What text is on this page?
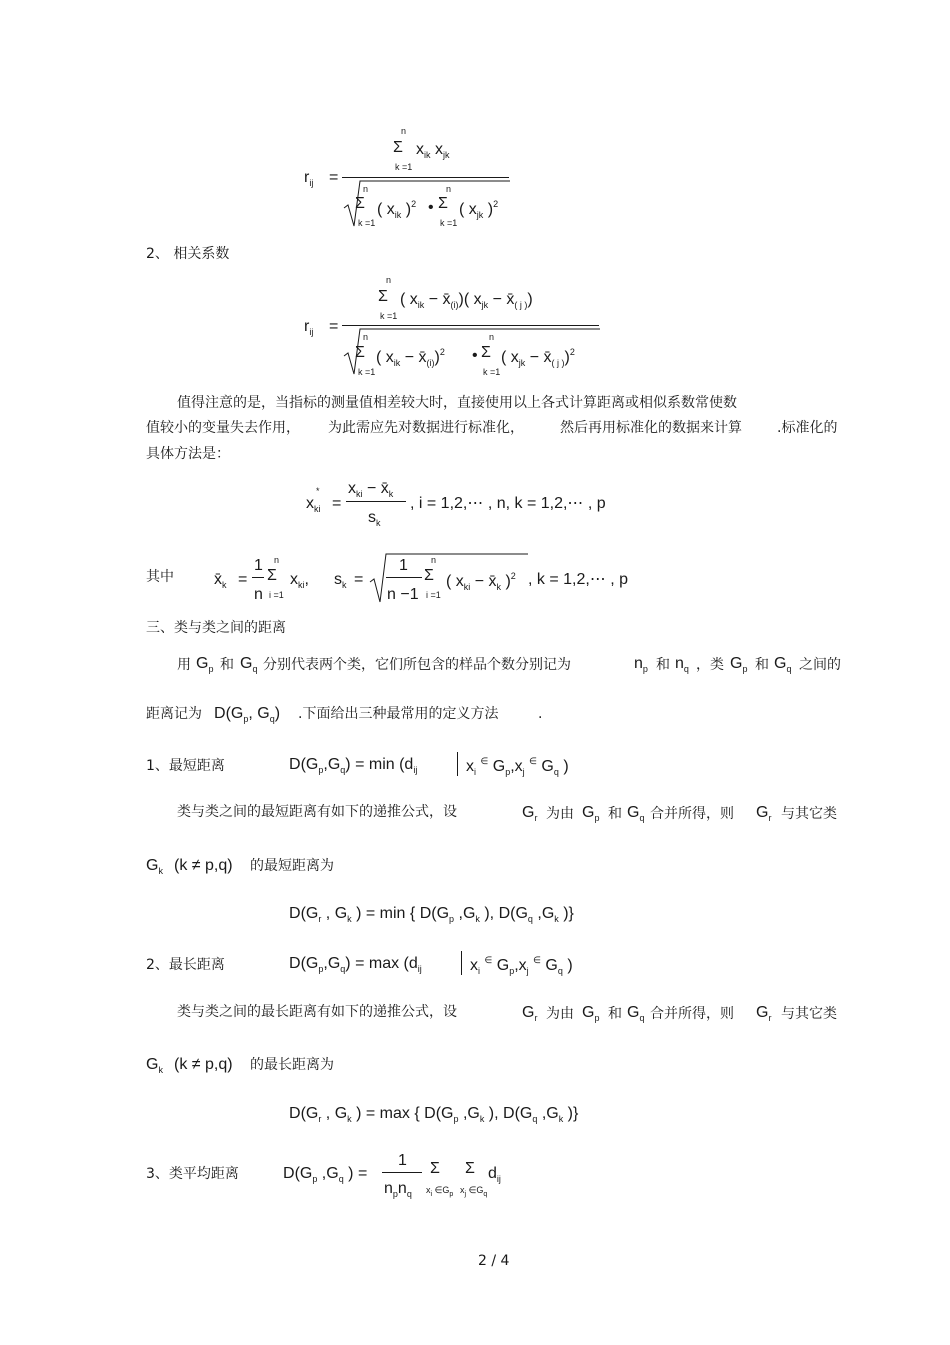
$r_{ij}$ =
n
Σ
k =1
$x_{ik}$ $x_{jk}$
n
Σ
k =1
( $x_{ik}$ )$^2$ •
n
Σ
k =1
( $x_{jk}$ )$^2$
2、 相关系数
$r_{ij}$ =
n
Σ
k =1
( $x_{ik}$ − $x̄_{(i)}$)( $x_{jk}$ − $x̄_{( j )}$)
n
Σ
k =1
( $x_{ik}$ − $x̄_{(i)})^2$ •
n
Σ
k =1
( $x_{jk}$ − $x̄_{( j )})^2$
值得注意的是，当指标的测量值相差较大时，直接使用以上各式计算距离或相似系数常使数
值较小的变量失去作用， 为此需应先对数据进行标准化，	然后再用标准化的数据来计算	.标准化的
具体方法是：
$x_{ki}$
*
=
$x_{ki}$ − $x̄_k$
$s_k$
, i = 1,2,⋯ , n, k = 1,2,⋯ , p
其中	$x̄_k$ =
1
n
n
Σ
i =1
$x_{ki}$, $s_k$ =
1
n −1
n
Σ
i =1
( $x_{ki}$ − $x̄_k$ )$^2$ , k = 1,2,⋯ , p
三、类与类之间的距离
用 $G_p$ 和 $G_q$ 分别代表两个类，它们所包含的样品个数分别记为	$n_p$ 和 $n_q$ ，类 $G_p$ 和 $G_q$ 之间的
距离记为 $D(G_p$, $G_q$) .下面给出三种最常用的定义方法	.
1、最短距离	$D(G_p,G_q) = \min (d_{ij}$	$x_i$ ∈ $G_p,x_j$ ∈ $G_q$ )
类与类之间的最短距离有如下的递推公式，设	$G_r$ 为由 $G_p$ 和 $G_q$ 合并所得，则 $G_r$ 与其它类
$G_k$ (k ≠ p,q) 的最短距离为
$D(G_r$ , $G_k$ ) = min { $D(G_p$ $,G_k$ ), $D(G_q$ $,G_k$ )}
2、最长距离	$D(G_p,G_q) = \max (d_{ij}$	$x_i$ ∈ $G_p,x_j$ ∈ $G_q$ )
类与类之间的最长距离有如下的递推公式，设	$G_r$ 为由 $G_p$ 和 $G_q$ 合并所得，则 $G_r$ 与其它类
$G_k$ (k ≠ p,q) 的最长距离为
$D(G_r$ , $G_k$ ) = max { $D(G_p$ $,G_k$ ), $D(G_q$ $,G_k$ )}
3、类平均距离	$D(G_p$ $,G_q$ ) =
1
$n_pn_q$
Σ
$x_i$ $\in G_p$
Σ
$x_j$ $\in G_q$
$d_{ij}$
2 / 4
